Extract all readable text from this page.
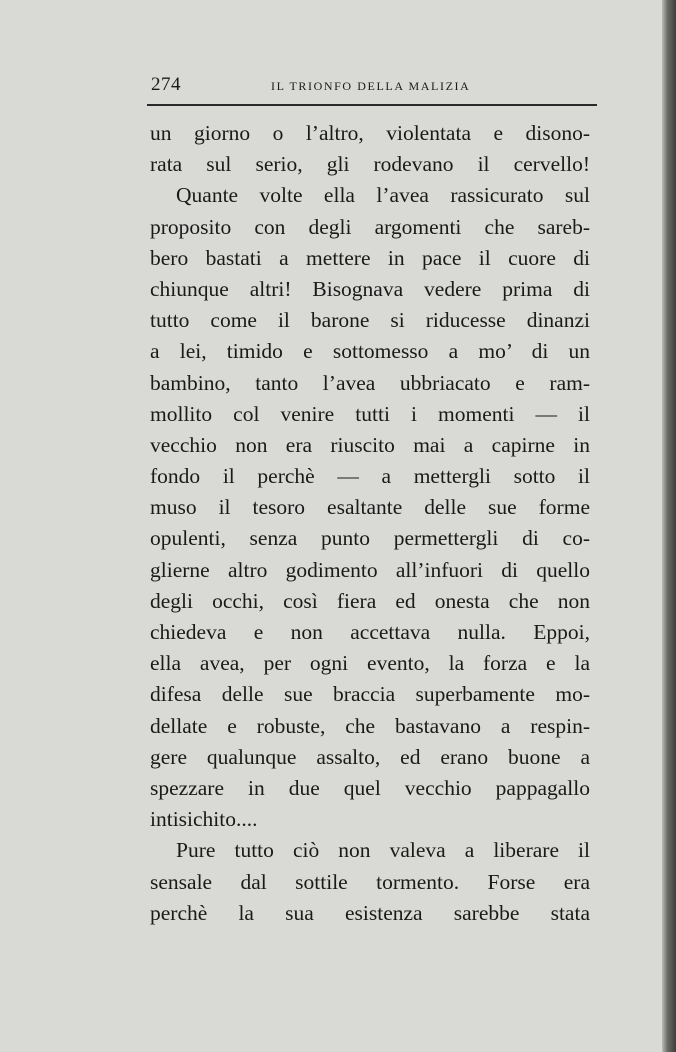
274	IL TRIONFO DELLA MALIZIA
un giorno o l’altro, violentata e disono-
rata sul serio, gli rodevano il cervello!
Quante volte ella l’avea rassicurato sul
proposito con degli argomenti che sareb-
bero bastati a mettere in pace il cuore di
chiunque altri! Bisognava vedere prima di
tutto come il barone si riducesse dinanzi
a lei, timido e sottomesso a mo’ di un
bambino, tanto l’avea ubbriacato e ram-
mollito col venire tutti i momenti — il
vecchio non era riuscito mai a capirne in
fondo il perchè — a mettergli sotto il
muso il tesoro esaltante delle sue forme
opulenti, senza punto permettergli di co-
glierne altro godimento all’infuori di quello
degli occhi, così fiera ed onesta che non
chiedeva e non accettava nulla. Eppoi,
ella avea, per ogni evento, la forza e la
difesa delle sue braccia superbamente mo-
dellate e robuste, che bastavano a respin-
gere qualunque assalto, ed erano buone a
spezzare in due quel vecchio pappagallo
intisichito....
Pure tutto ciò non valeva a liberare il
sensale dal sottile tormento. Forse era
perchè la sua esistenza sarebbe stata
